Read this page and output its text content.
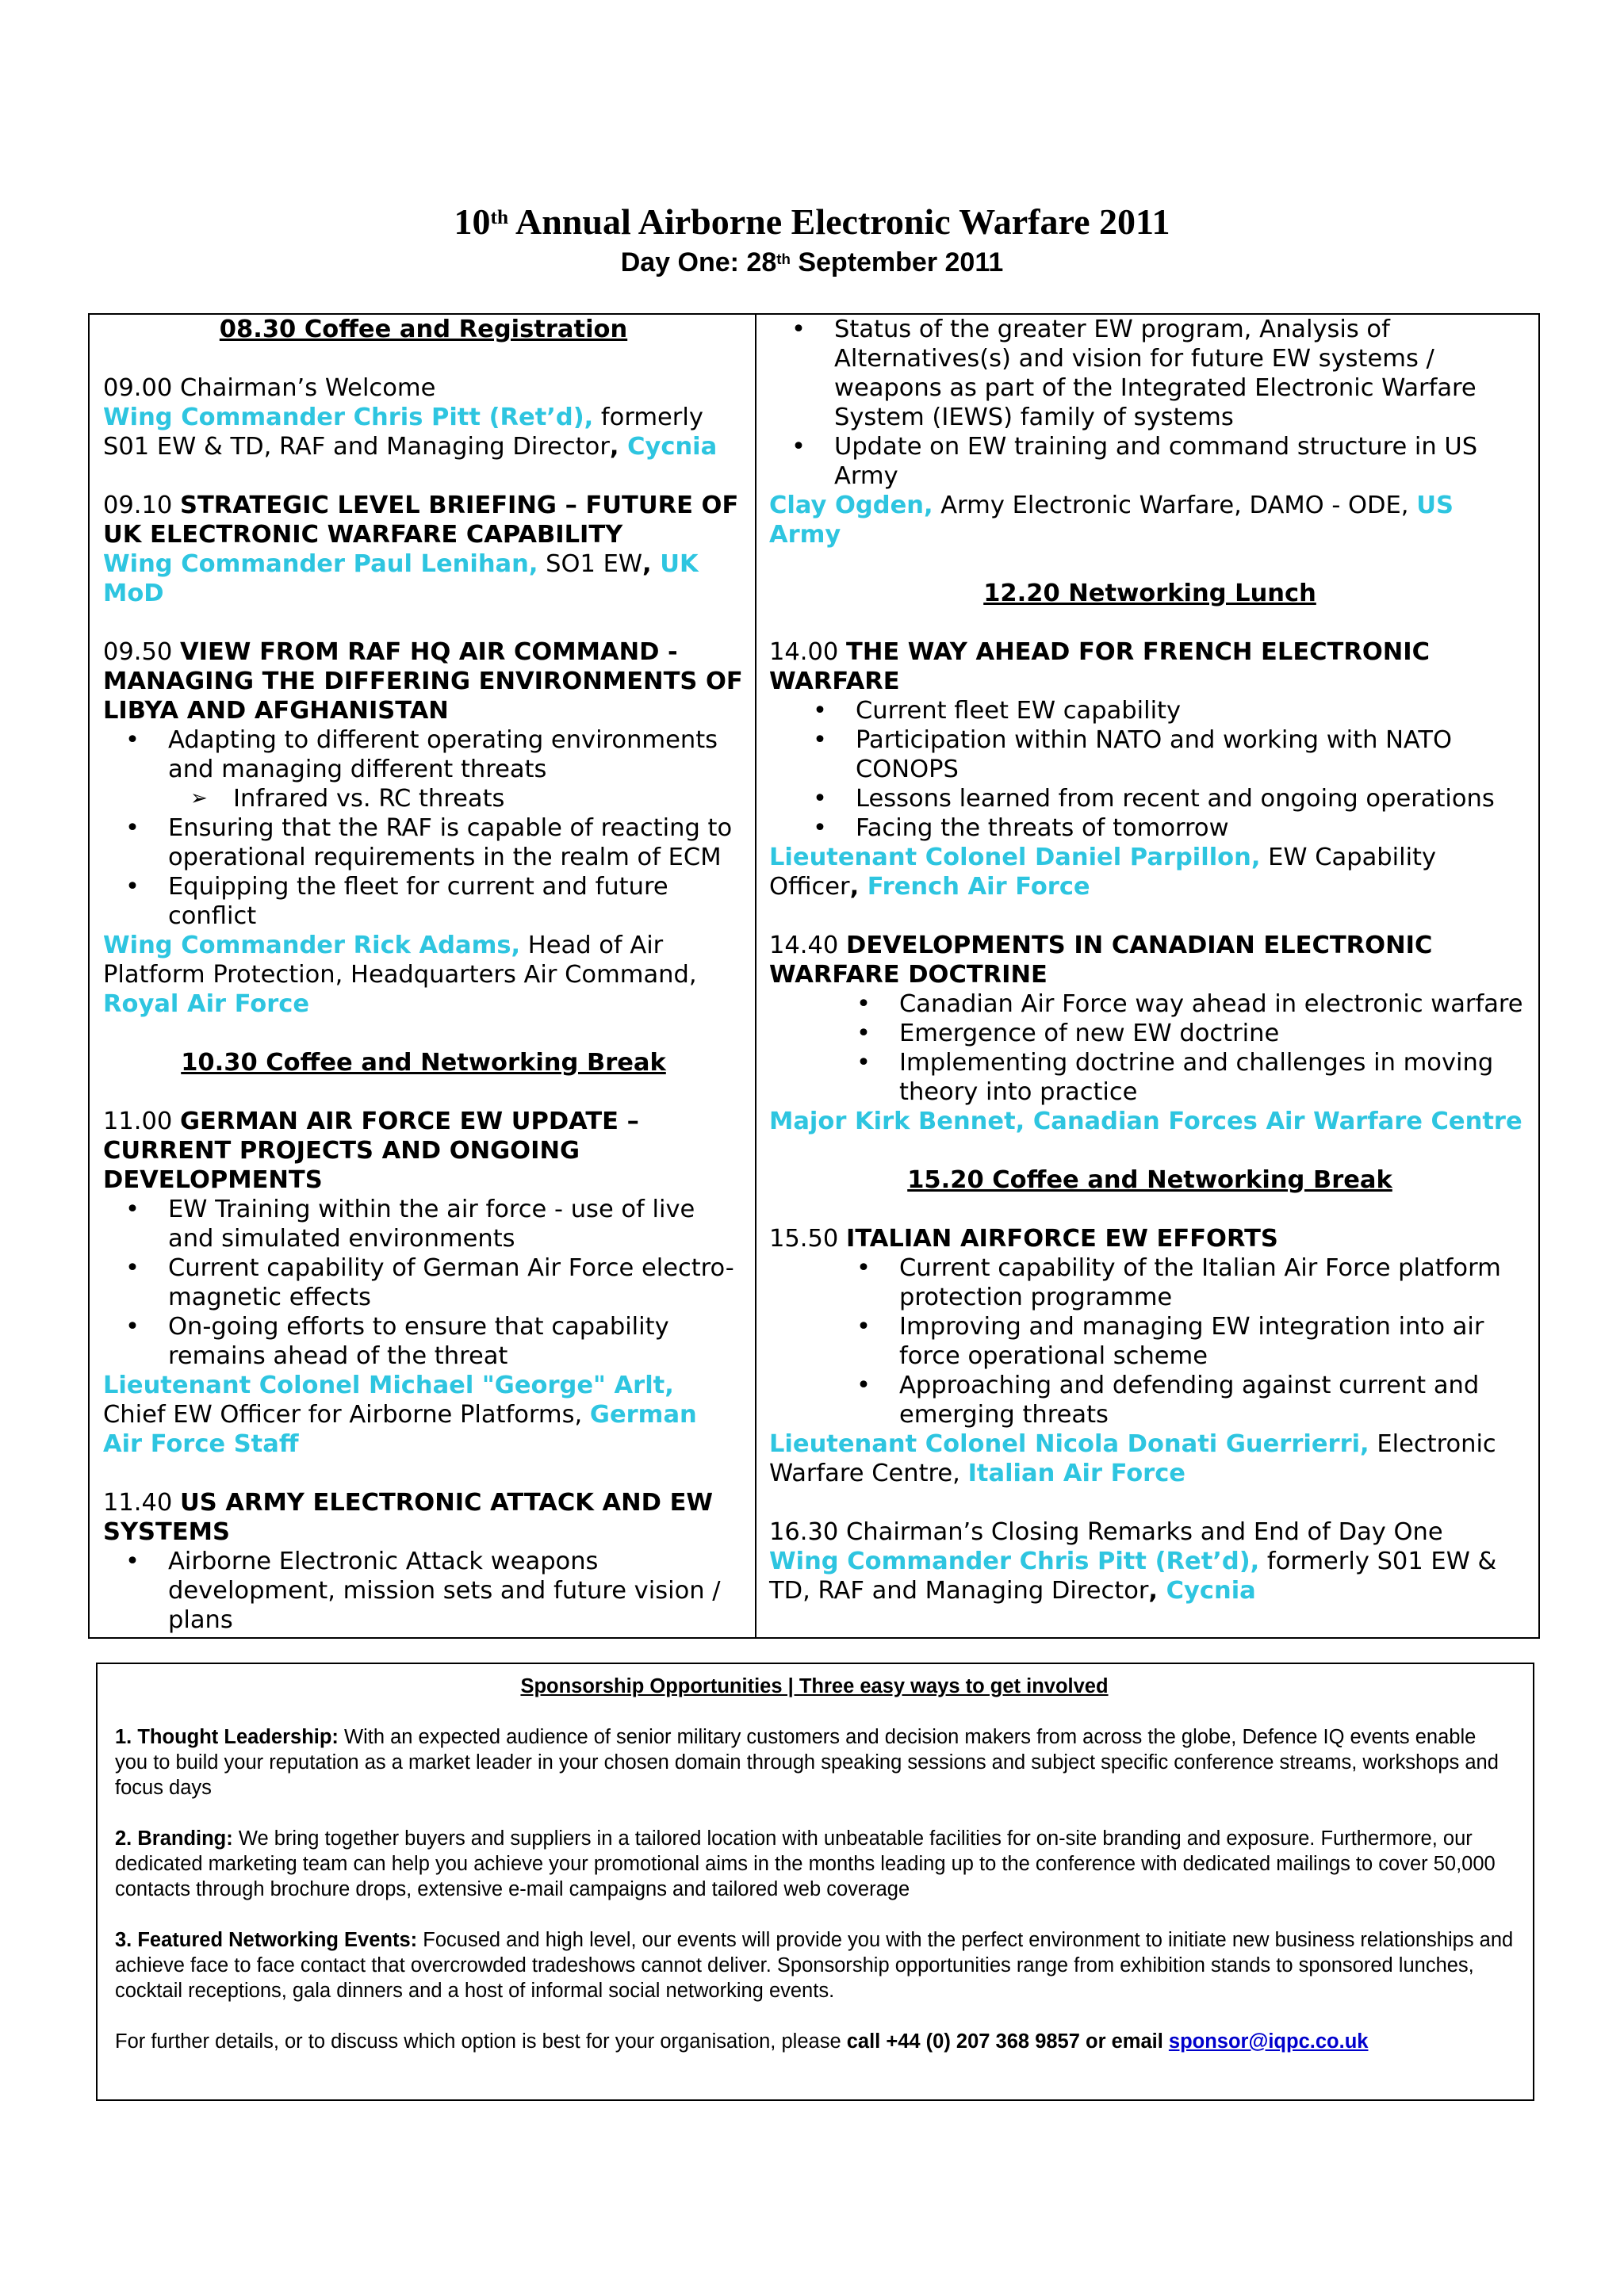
10th Annual Airborne Electronic Warfare 2011
Day One: 28th September 2011
08.30 Coffee and Registration
09.00 Chairman’s Welcome
Wing Commander Chris Pitt (Ret’d), formerly S01 EW & TD, RAF and Managing Director, Cycnia
09.10 STRATEGIC LEVEL BRIEFING – FUTURE OF UK ELECTRONIC WARFARE CAPABILITY
Wing Commander Paul Lenihan, SO1 EW, UK MoD
09.50 VIEW FROM RAF HQ AIR COMMAND - MANAGING THE DIFFERING ENVIRONMENTS OF LIBYA AND AFGHANISTAN
• Adapting to different operating environments and managing different threats
➢ Infrared vs. RC threats
• Ensuring that the RAF is capable of reacting to operational requirements in the realm of ECM
• Equipping the fleet for current and future conflict
Wing Commander Rick Adams, Head of Air Platform Protection, Headquarters Air Command, Royal Air Force
10.30 Coffee and Networking Break
11.00 GERMAN AIR FORCE EW UPDATE – CURRENT PROJECTS AND ONGOING DEVELOPMENTS
• EW Training within the air force - use of live and simulated environments
• Current capability of German Air Force electro-magnetic effects
• On-going efforts to ensure that capability remains ahead of the threat
Lieutenant Colonel Michael "George" Arlt, Chief EW Officer for Airborne Platforms, German Air Force Staff
11.40 US ARMY ELECTRONIC ATTACK AND EW SYSTEMS
• Airborne Electronic Attack weapons development, mission sets and future vision / plans
• Status of the greater EW program, Analysis of Alternatives(s) and vision for future EW systems / weapons as part of the Integrated Electronic Warfare System (IEWS) family of systems
• Update on EW training and command structure in US Army
Clay Ogden, Army Electronic Warfare, DAMO - ODE, US Army
12.20 Networking Lunch
14.00 THE WAY AHEAD FOR FRENCH ELECTRONIC WARFARE
• Current fleet EW capability
• Participation within NATO and working with NATO CONOPS
• Lessons learned from recent and ongoing operations
• Facing the threats of tomorrow
Lieutenant Colonel Daniel Parpillon, EW Capability Officer, French Air Force
14.40 DEVELOPMENTS IN CANADIAN ELECTRONIC WARFARE DOCTRINE
• Canadian Air Force way ahead in electronic warfare
• Emergence of new EW doctrine
• Implementing doctrine and challenges in moving theory into practice
Major Kirk Bennet, Canadian Forces Air Warfare Centre
15.20 Coffee and Networking Break
15.50 ITALIAN AIRFORCE EW EFFORTS
• Current capability of the Italian Air Force platform protection programme
• Improving and managing EW integration into air force operational scheme
• Approaching and defending against current and emerging threats
Lieutenant Colonel Nicola Donati Guerrierri, Electronic Warfare Centre, Italian Air Force
16.30 Chairman’s Closing Remarks and End of Day One
Wing Commander Chris Pitt (Ret’d), formerly S01 EW & TD, RAF and Managing Director, Cycnia
Sponsorship Opportunities | Three easy ways to get involved
1. Thought Leadership: With an expected audience of senior military customers and decision makers from across the globe, Defence IQ events enable you to build your reputation as a market leader in your chosen domain through speaking sessions and subject specific conference streams, workshops and focus days
2. Branding: We bring together buyers and suppliers in a tailored location with unbeatable facilities for on-site branding and exposure. Furthermore, our dedicated marketing team can help you achieve your promotional aims in the months leading up to the conference with dedicated mailings to cover 50,000 contacts through brochure drops, extensive e-mail campaigns and tailored web coverage
3. Featured Networking Events: Focused and high level, our events will provide you with the perfect environment to initiate new business relationships and achieve face to face contact that overcrowded tradeshows cannot deliver. Sponsorship opportunities range from exhibition stands to sponsored lunches, cocktail receptions, gala dinners and a host of informal social networking events.
For further details, or to discuss which option is best for your organisation, please call +44 (0) 207 368 9857 or email sponsor@iqpc.co.uk
